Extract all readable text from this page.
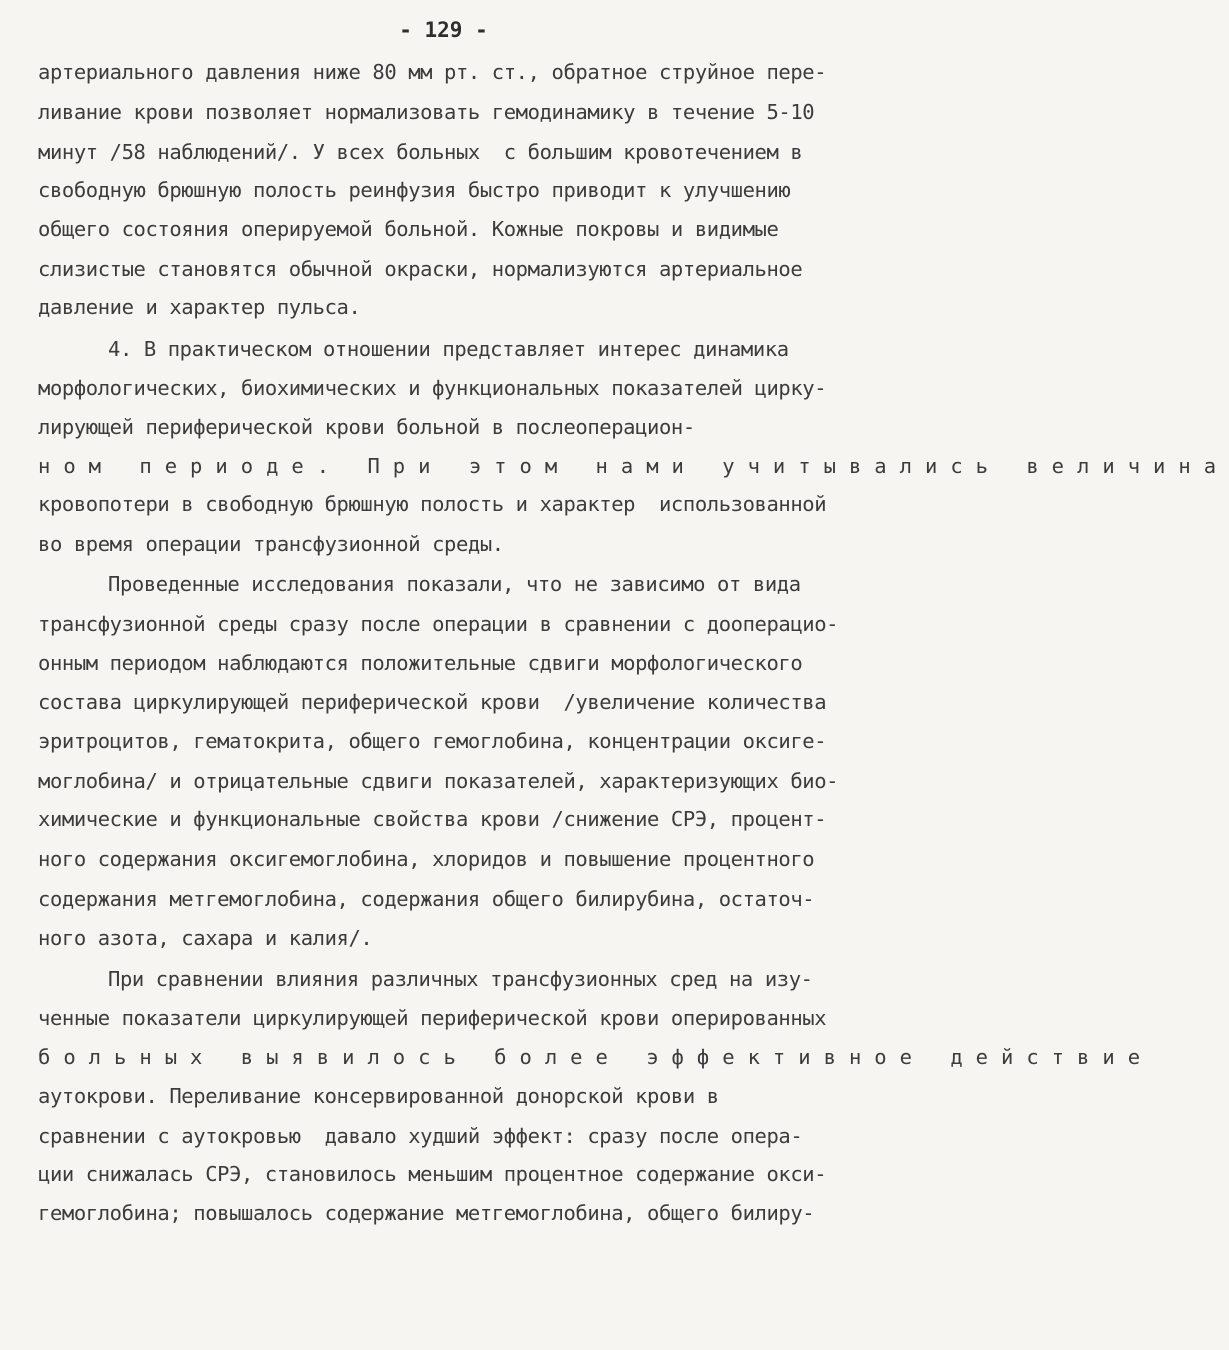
- 129 -
артериального давления ниже 80 мм рт. ст., обратное струйное пере-
ливание крови позволяет нормализовать гемодинамику в течение 5-10
минут /58 наблюдений/. У всех больных  с большим кровотечением в
свободную брюшную полость реинфузия быстро приводит к улучшению
общего состояния оперируемой больной. Кожные покровы и видимые
слизистые становятся обычной окраски, нормализуются артериальное
давление и характер пульса.
4. В практическом отношении представляет интерес динамика
морфологических, биохимических и функциональных показателей цирку-
лирующей периферической крови больной в послеоперацион-
ном периоде. При этом нами учитывались величина
кровопотери в свободную брюшную полость и характер  использованной
во время операции трансфузионной среды.
Проведенные исследования показали, что не зависимо от вида
трансфузионной среды сразу после операции в сравнении с дооперацио-
онным периодом наблюдаются положительные сдвиги морфологического
состава циркулирующей периферической крови  /увеличение количества
эритроцитов, гематокрита, общего гемоглобина, концентрации оксиге-
моглобина/ и отрицательные сдвиги показателей, характеризующих био-
химические и функциональные свойства крови /снижение СРЭ, процент-
ного содержания оксигемоглобина, хлоридов и повышение процентного
содержания метгемоглобина, содержания общего билирубина, остаточ-
ного азота, сахара и калия/.
При сравнении влияния различных трансфузионных сред на изу-
ченные показатели циркулирующей периферической крови оперированных
больных выявилось более эффективное действие
аутокрови. Переливание консервированной донорской крови в
сравнении с аутокровью  давало худший эффект: сразу после опера-
ции снижалась СРЭ, становилось меньшим процентное содержание окси-
гемоглобина; повышалось содержание метгемоглобина, общего билиру-
